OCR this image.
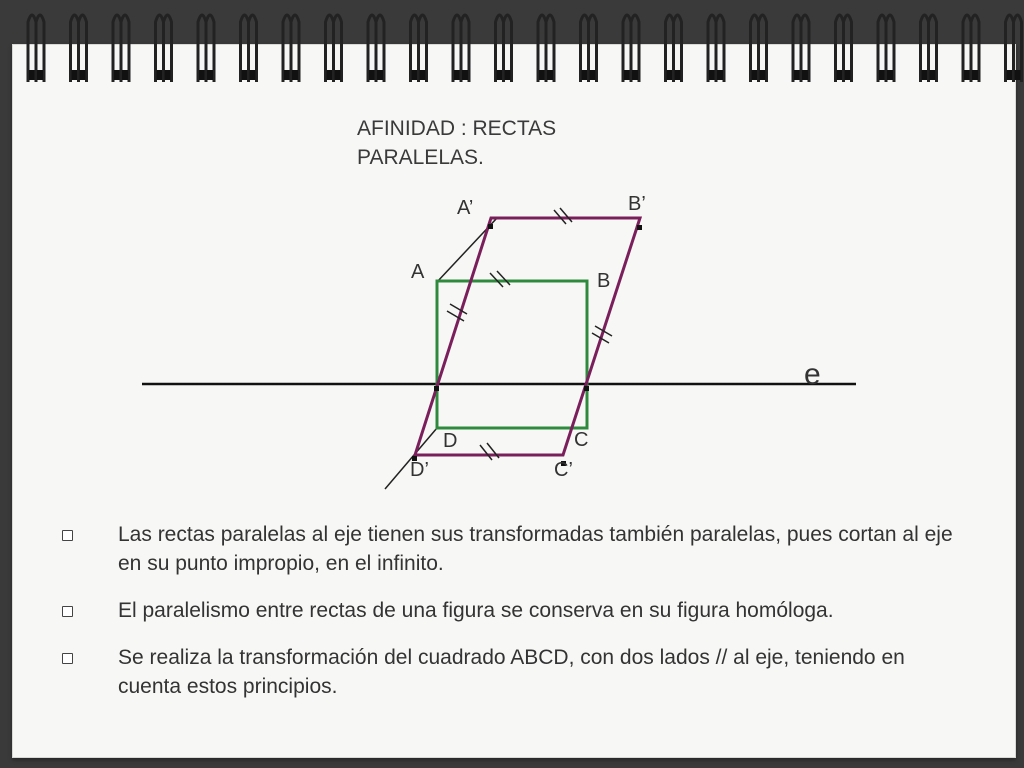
AFINIDAD : RECTAS PARALELAS.
A’	B’
A	B
e
D	C
D’	C’
Las rectas paralelas al eje tienen sus transformadas también paralelas, pues cortan al eje en su punto impropio, en el infinito.
El paralelismo entre rectas de una figura se conserva en su figura homóloga.
Se realiza la transformación del cuadrado ABCD, con dos lados // al eje, teniendo en cuenta estos principios.
